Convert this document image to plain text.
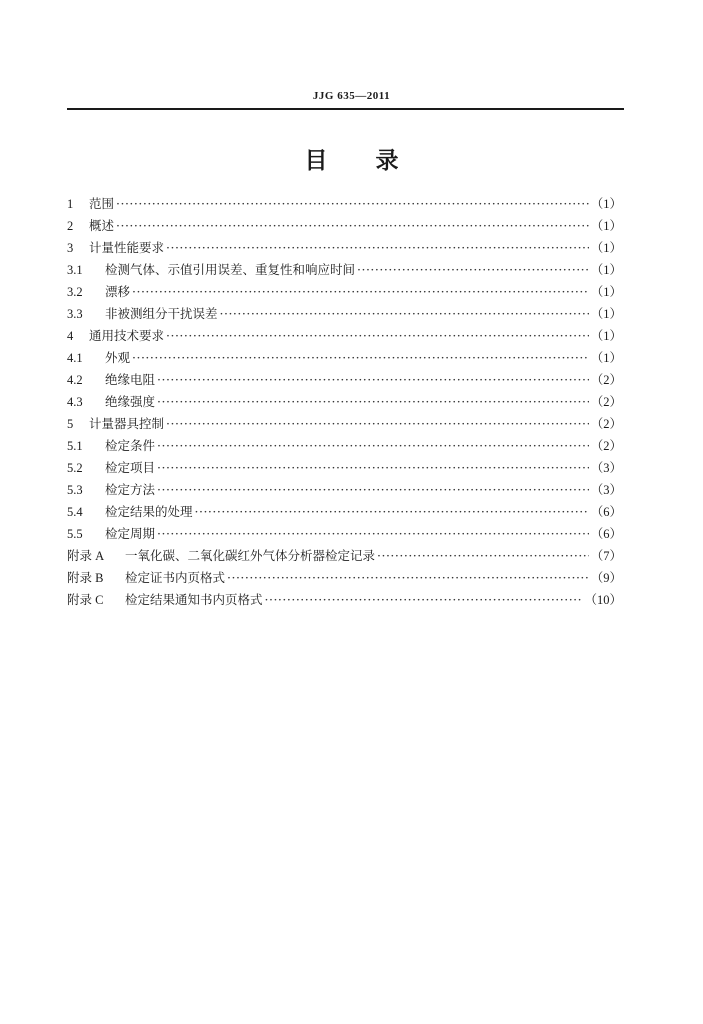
JJG 635—2011
目录
1	范围 ·····	（1）
2	概述 ·····	（1）
3	计量性能要求 ·····	（1）
3.1	检测气体、示值引用误差、重复性和响应时间 ·····	（1）
3.2	漂移 ·····	（1）
3.3	非被测组分干扰误差 ·····	（1）
4	通用技术要求 ·····	（1）
4.1	外观 ·····	（1）
4.2	绝缘电阻 ·····	（2）
4.3	绝缘强度 ·····	（2）
5	计量器具控制 ·····	（2）
5.1	检定条件 ·····	（2）
5.2	检定项目 ·····	（3）
5.3	检定方法 ·····	（3）
5.4	检定结果的处理 ·····	（6）
5.5	检定周期 ·····	（6）
附录 A	一氧化碳、二氧化碳红外气体分析器检定记录 ·····	（7）
附录 B	检定证书内页格式 ·····	（9）
附录 C	检定结果通知书内页格式 ·····	（10）
